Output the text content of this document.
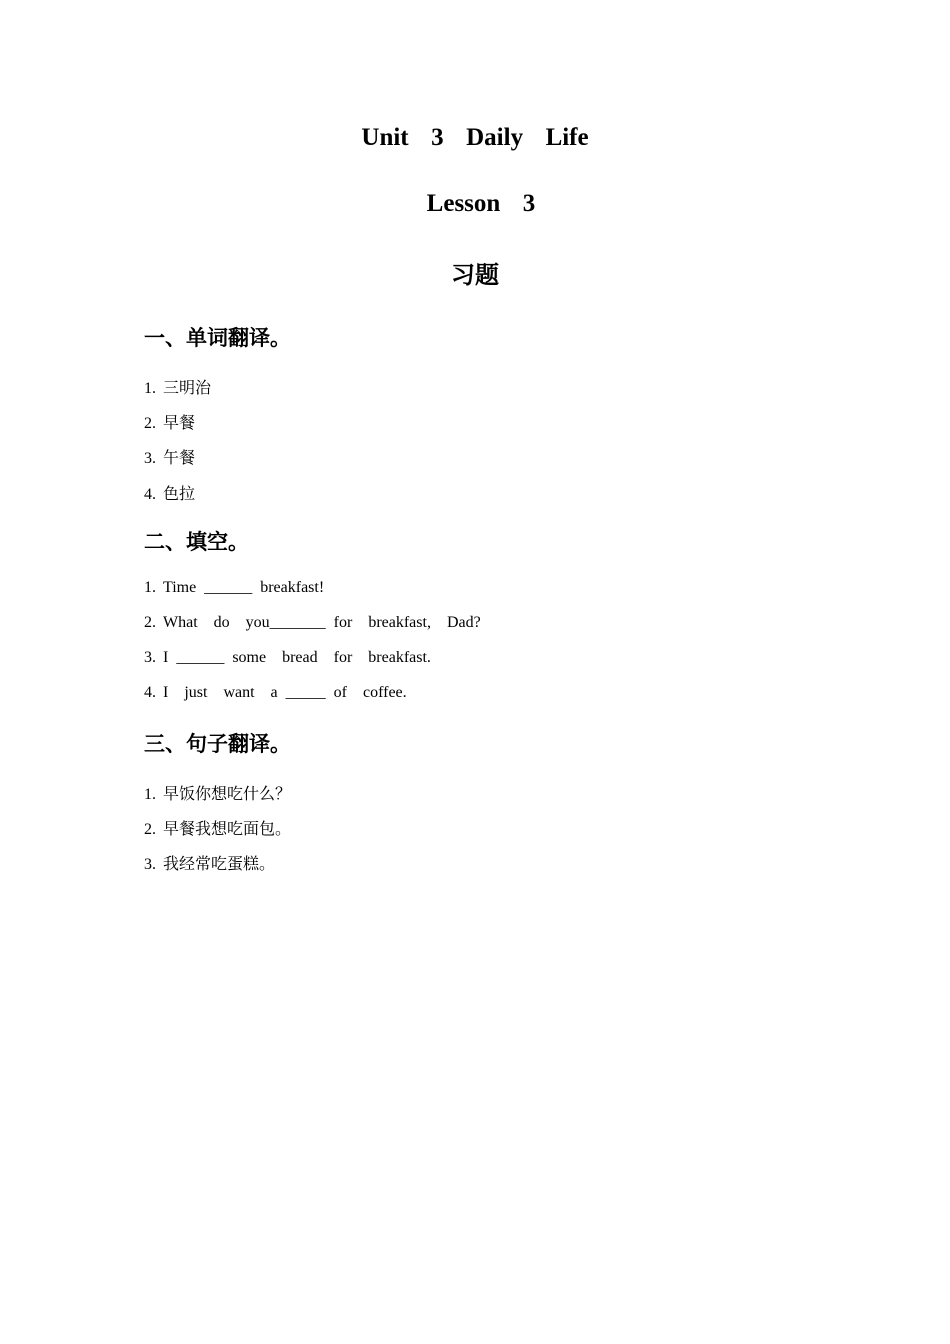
Unit  3  Daily  Life
Lesson  3
习题
一、单词翻译。

1. 三明治

2. 早餐

3. 午餐

4. 色拉

二、填空。

1. Time ______ breakfast!

2. What  do  you_______ for  breakfast,  Dad?

3. I ______ some  bread  for  breakfast.

4. I  just  want  a _____ of  coffee.

三、句子翻译。

1. 早饭你想吃什么？

2. 早餐我想吃面包。

3. 我经常吃蛋糕。
